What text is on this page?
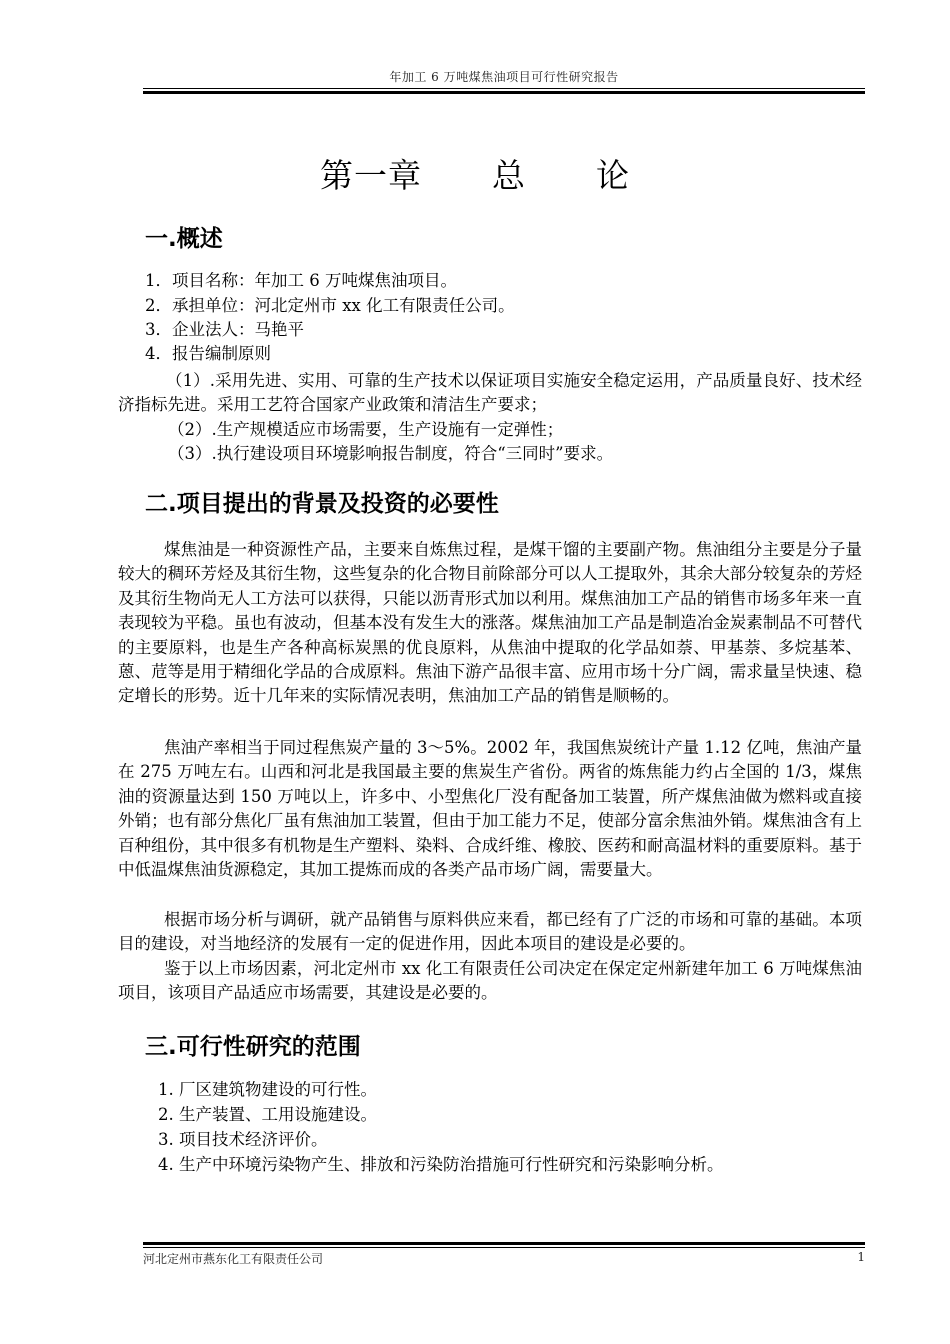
年加工 6 万吨煤焦油项目可行性研究报告
第一章 总 论
一.概述
1．项目名称：年加工 6 万吨煤焦油项目。
2．承担单位：河北定州市 xx 化工有限责任公司。
3．企业法人：马艳平
4．报告编制原则

（1）.采用先进、实用、可靠的生产技术以保证项目实施安全稳定运用，产品质量良好、技术经济指标先进。采用工艺符合国家产业政策和清洁生产要求；

（2）.生产规模适应市场需要，生产设施有一定弹性；
（3）.执行建设项目环境影响报告制度，符合“三同时”要求。
二.项目提出的背景及投资的必要性

煤焦油是一种资源性产品，主要来自炼焦过程，是煤干馏的主要副产物。焦油组分主要是分子量较大的稠环芳烃及其衍生物，这些复杂的化合物目前除部分可以人工提取外，其余大部分较复杂的芳烃及其衍生物尚无人工方法可以获得，只能以沥青形式加以利用。煤焦油加工产品的销售市场多年来一直表现较为平稳。虽也有波动，但基本没有发生大的涨落。煤焦油加工产品是制造冶金炭素制品不可替代的主要原料，也是生产各种高标炭黑的优良原料，从焦油中提取的化学品如萘、甲基萘、多烷基苯、蒽、苊等是用于精细化学品的合成原料。焦油下游产品很丰富、应用市场十分广阔，需求量呈快速、稳定增长的形势。近十几年来的实际情况表明，焦油加工产品的销售是顺畅的。

焦油产率相当于同过程焦炭产量的 3～5%。2002 年，我国焦炭统计产量 1.12 亿吨，焦油产量在 275 万吨左右。山西和河北是我国最主要的焦炭生产省份。两省的炼焦能力约占全国的 1/3，煤焦油的资源量达到 150 万吨以上，许多中、小型焦化厂没有配备加工装置，所产煤焦油做为燃料或直接外销；也有部分焦化厂虽有焦油加工装置，但由于加工能力不足，使部分富余焦油外销。煤焦油含有上百种组份，其中很多有机物是生产塑料、染料、合成纤维、橡胶、医药和耐高温材料的重要原料。基于中低温煤焦油货源稳定，其加工提炼而成的各类产品市场广阔，需要量大。

根据市场分析与调研，就产品销售与原料供应来看，都已经有了广泛的市场和可靠的基础。本项目的建设，对当地经济的发展有一定的促进作用，因此本项目的建设是必要的。

鉴于以上市场因素，河北定州市 xx 化工有限责任公司决定在保定定州新建年加工 6 万吨煤焦油项目，该项目产品适应市场需要，其建设是必要的。

三.可行性研究的范围
1. 厂区建筑物建设的可行性。
2. 生产装置、工用设施建设。
3. 项目技术经济评价。
4. 生产中环境污染物产生、排放和污染防治措施可行性研究和污染影响分析。
河北定州市燕东化工有限责任公司	1
